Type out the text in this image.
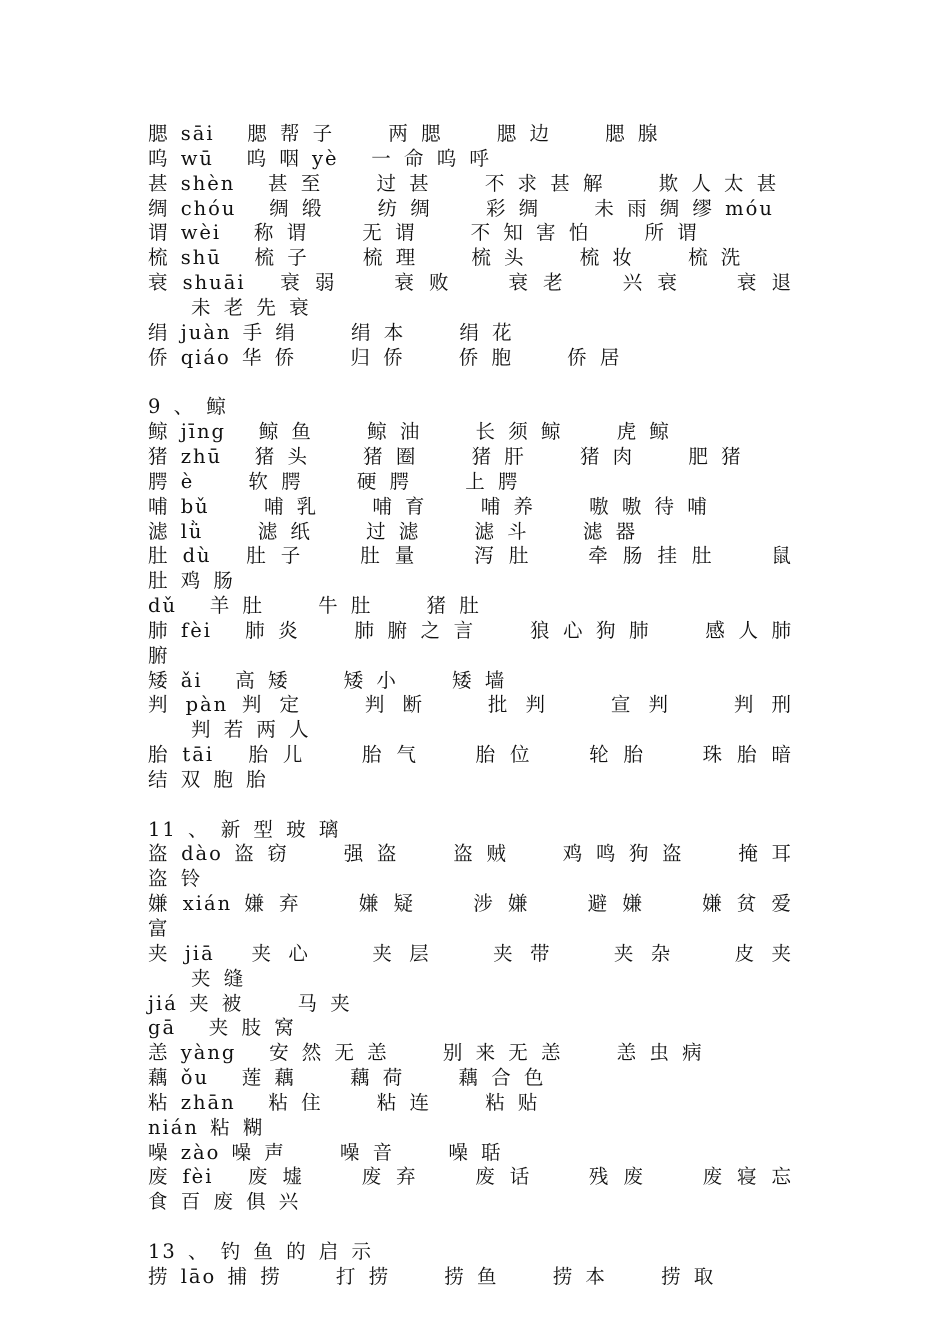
腮 sāi 　腮 帮 子 　　两 腮 　　腮 边 　　腮 腺

呜 wū 　呜 咽 yè 　一 命 呜 呼

甚 shèn 　甚 至 　　过 甚 　　不 求 甚 解 　　欺 人 太 甚

绸 chóu 　绸 缎 　　纺 绸 　　彩 绸 　　未 雨 绸 缪 móu

谓 wèi 　称 谓 　　无 谓 　　不 知 害 怕 　　所 谓

梳 shū 　梳 子 　　梳 理 　　梳 头 　　梳 妆 　　梳 洗

衰 shuāi 　衰 弱 　　衰 败 　　衰 老 　　兴 衰 　　衰 退 　　未 老 先 衰

绢 juàn 手 绢 　　绢 本 　　绢 花

侨 qiáo 华 侨 　　归 侨 　　侨 胞 　　侨 居

9 、 鲸

鲸 jīng 　鲸 鱼 　　鲸 油 　　长 须 鲸 　　虎 鲸

猪 zhū 　猪 头 　　猪 圈 　　猪 肝 　　猪 肉 　　肥 猪

腭 è 　　软 腭 　　硬 腭 　　上 腭

哺 bǔ 　　哺 乳 　　哺 育 　　哺 养 　　嗷 嗷 待 哺

滤 lǜ 　　滤 纸 　　过 滤 　　滤 斗 　　滤 器

肚 dù 　肚 子 　　肚 量 　　泻 肚 　　牵 肠 挂 肚 　　鼠 肚 鸡 肠

dǔ 　羊 肚 　　牛 肚 　　猪 肚

肺 fèi 　肺 炎 　　肺 腑 之 言 　　狼 心 狗 肺 　　感 人 肺 腑

矮 ǎi 　高 矮 　　矮 小 　　矮 墙

判 pàn 判 定 　　判 断 　　批 判 　　宣 判 　　判 刑 　　判 若 两 人

胎 tāi 　胎 儿 　　胎 气 　　胎 位 　　轮 胎 　　珠 胎 暗 结 双 胞 胎

11 、 新 型 玻 璃

盗 dào 盗 窃 　　强 盗 　　盗 贼 　　鸡 鸣 狗 盗 　　掩 耳 盗 铃

嫌 xián 嫌 弃 　　嫌 疑 　　涉 嫌 　　避 嫌 　　嫌 贫 爱 富

夹 jiā 　夹 心 　　夹 层 　　夹 带 　　夹 杂 　　皮 夹 　　夹 缝

jiá 夹 被 　　马 夹

gā 　夹 肢 窝

恙 yàng 　安 然 无 恙 　　别 来 无 恙 　　恙 虫 病

藕 ǒu 　莲 藕 　　藕 荷 　　藕 合 色

粘 zhān 　粘 住 　　粘 连 　　粘 贴

nián 粘 糊

噪 zào 噪 声 　　噪 音 　　噪 聒

废 fèi 　废 墟 　　废 弃 　　废 话 　　残 废 　　废 寝 忘 食 百 废 俱 兴

13 、 钓 鱼 的 启 示

捞 lāo 捕 捞 　　打 捞 　　捞 鱼 　　捞 本 　　捞 取
